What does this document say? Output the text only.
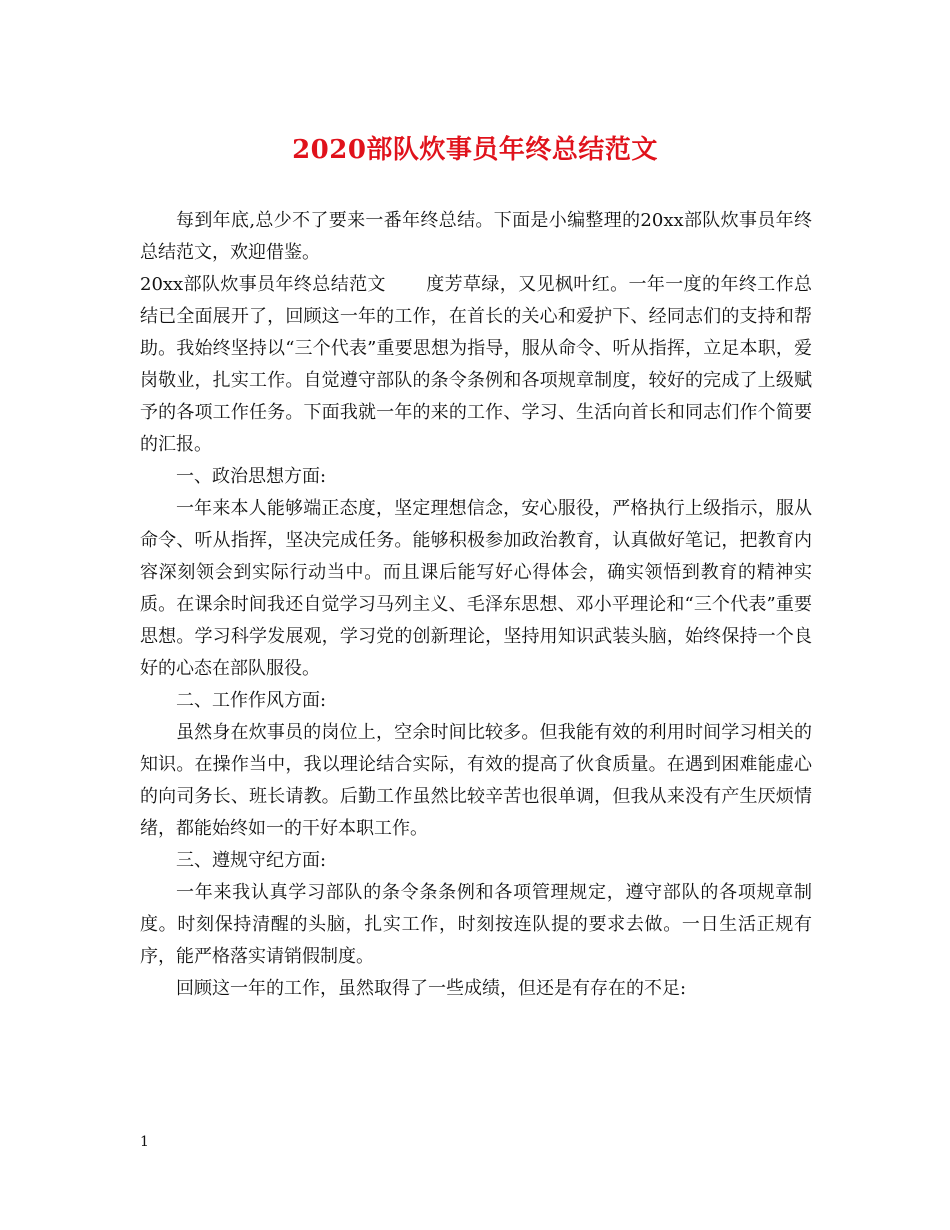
2020部队炊事员年终总结范文

每到年底,总少不了要来一番年终总结。下面是小编整理的20xx部队炊事员年终总结范文，欢迎借鉴。

20xx部队炊事员年终总结范文 度芳草绿，又见枫叶红。一年一度的年终工作总结已全面展开了，回顾这一年的工作，在首长的关心和爱护下、经同志们的支持和帮助。我始终坚持以“三个代表”重要思想为指导，服从命令、听从指挥，立足本职，爱岗敬业，扎实工作。自觉遵守部队的条令条例和各项规章制度，较好的完成了上级赋予的各项工作任务。下面我就一年的来的工作、学习、生活向首长和同志们作个简要的汇报。

一、政治思想方面:

一年来本人能够端正态度，坚定理想信念，安心服役，严格执行上级指示，服从命令、听从指挥，坚决完成任务。能够积极参加政治教育，认真做好笔记，把教育内容深刻领会到实际行动当中。而且课后能写好心得体会，确实领悟到教育的精神实质。在课余时间我还自觉学习马列主义、毛泽东思想、邓小平理论和“三个代表”重要思想。学习科学发展观，学习党的创新理论，坚持用知识武装头脑，始终保持一个良好的心态在部队服役。

二、工作作风方面:

虽然身在炊事员的岗位上，空余时间比较多。但我能有效的利用时间学习相关的知识。在操作当中，我以理论结合实际，有效的提高了伙食质量。在遇到困难能虚心的向司务长、班长请教。后勤工作虽然比较辛苦也很单调，但我从来没有产生厌烦情绪，都能始终如一的干好本职工作。

三、遵规守纪方面:

一年来我认真学习部队的条令条条例和各项管理规定，遵守部队的各项规章制度。时刻保持清醒的头脑，扎实工作，时刻按连队提的要求去做。一日生活正规有序，能严格落实请销假制度。

回顾这一年的工作，虽然取得了一些成绩，但还是有存在的不足:

1
